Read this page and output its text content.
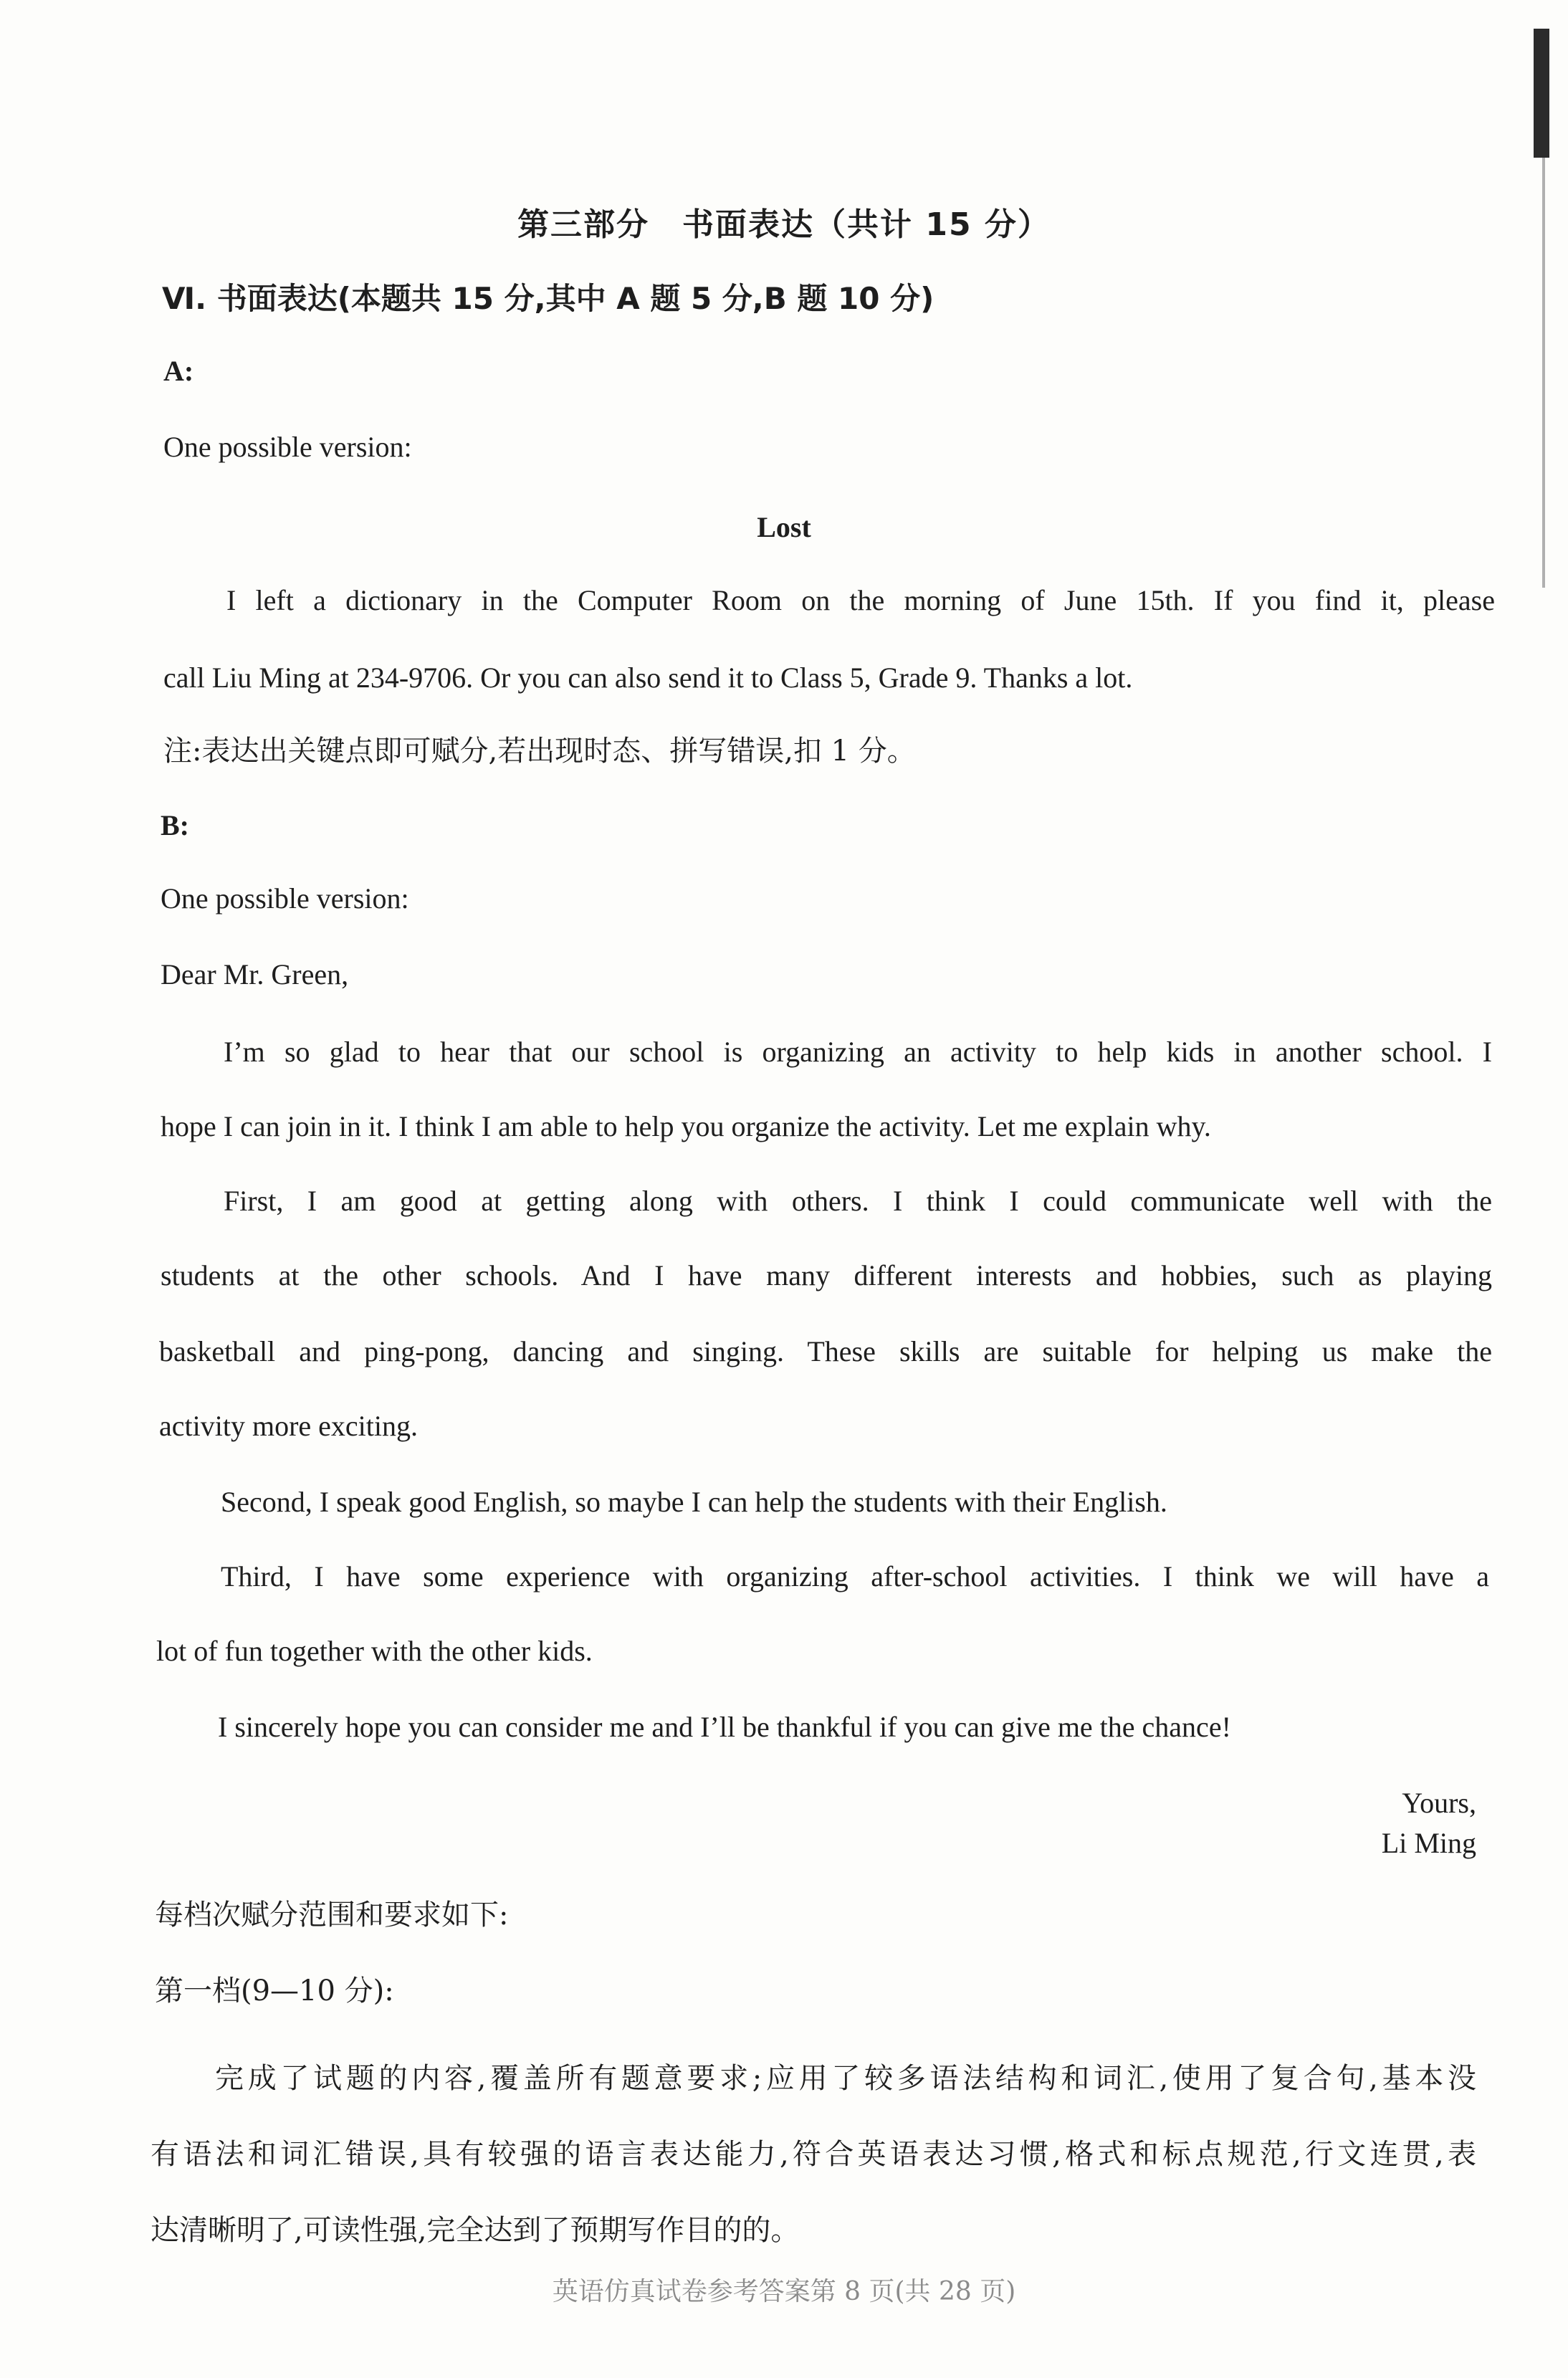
第三部分　书面表达（共计 15 分）
Ⅵ. 书面表达(本题共 15 分,其中 A 题 5 分,B 题 10 分)
A:
One possible version:
Lost
I left a dictionary in the Computer Room on the morning of June 15th. If you find it, please
call Liu Ming at 234-9706. Or you can also send it to Class 5, Grade 9. Thanks a lot.
注:表达出关键点即可赋分,若出现时态、拼写错误,扣 1 分。
B:
One possible version:
Dear Mr. Green,
I’m so glad to hear that our school is organizing an activity to help kids in another school. I
hope I can join in it. I think I am able to help you organize the activity. Let me explain why.
First, I am good at getting along with others. I think I could communicate well with the
students at the other schools. And I have many different interests and hobbies, such as playing
basketball and ping-pong, dancing and singing. These skills are suitable for helping us make the
activity more exciting.
Second, I speak good English, so maybe I can help the students with their English.
Third, I have some experience with organizing after-school activities. I think we will have a
lot of fun together with the other kids.
I sincerely hope you can consider me and I’ll be thankful if you can give me the chance!
Yours,
Li Ming
每档次赋分范围和要求如下:
第一档(9—10 分):
完成了试题的内容,覆盖所有题意要求;应用了较多语法结构和词汇,使用了复合句,基本没
有语法和词汇错误,具有较强的语言表达能力,符合英语表达习惯,格式和标点规范,行文连贯,表
达清晰明了,可读性强,完全达到了预期写作目的的。
英语仿真试卷参考答案第 8 页(共 28 页)
